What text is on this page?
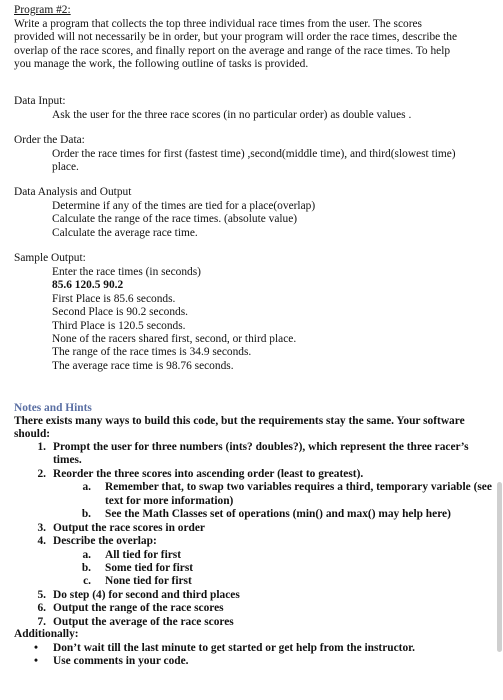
Program #2:
Write a program that collects the top three individual race times from the user. The scores
provided will not necessarily be in order, but your program will order the race times, describe the
overlap of the race scores, and finally report on the average and range of the race times. To help
you manage the work, the following outline of tasks is provided.
Data Input:
Ask the user for the three race scores (in no particular order) as double values .
Order the Data:
Order the race times for first (fastest time) ,second(middle time), and third(slowest time)
place.
Data Analysis and Output
Determine if any of the times are tied for a place(overlap)
Calculate the range of the race times. (absolute value)
Calculate the average race time.
Sample Output:
Enter the race times (in seconds)
85.6 120.5 90.2
First Place is 85.6 seconds.
Second Place is 90.2 seconds.
Third Place is 120.5 seconds.
None of the racers shared first, second, or third place.
The range of the race times is 34.9 seconds.
The average race time is 98.76 seconds.
Notes and Hints
There exists many ways to build this code, but the requirements stay the same. Your software
should:
1. Prompt the user for three numbers (ints? doubles?), which represent the three racer’s
times.
2. Reorder the three scores into ascending order (least to greatest).
a. Remember that, to swap two variables requires a third, temporary variable (see
text for more information)
b. See the Math Classes set of operations (min() and max() may help here)
3. Output the race scores in order
4. Describe the overlap:
a. All tied for first
b. Some tied for first
c. None tied for first
5. Do step (4) for second and third places
6. Output the range of the race scores
7. Output the average of the race scores
Additionally:
• Don’t wait till the last minute to get started or get help from the instructor.
• Use comments in your code.
